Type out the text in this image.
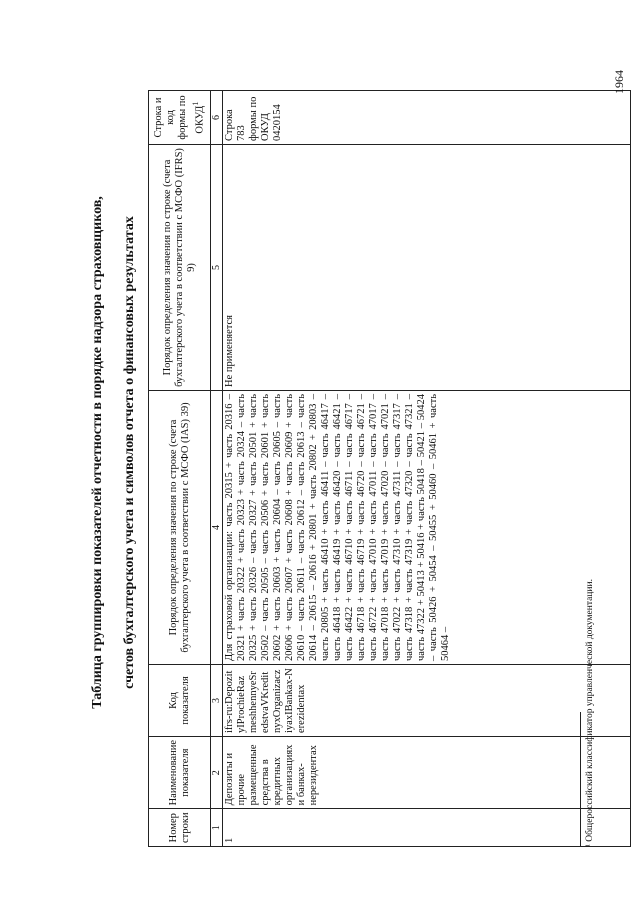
Таблица группировки показателей отчетности в порядке надзора страховщиков, счетов бухгалтерского учета и символов отчета о финансовых результатах
Номер строки	Наименование показателя	Код показателя	Порядок определения значения по строке (счета бухгалтерского учета в соответствии с МСФО (IAS) 39)	Порядок определения значения по строке (счета бухгалтерского учета в соответствии с МСФО (IFRS) 9)	Строка и код формы по ОКУД$^1$
1	2	3	4	5	6
1	Депозиты и прочие размещенные средства в кредитных организациях и банках-нерезидентах	ifrs-ru:DepozityIProchieRazmeshhennyeSredstvaVKreditnyxOrganizacziyaxIBankax-Nerezidentax	Для страховой организации: часть 20315 + часть 20316 – 20321 + часть 20322 + часть 20323 + часть 20324 – часть 20325 + часть 20326 – часть 20327 + часть 20501 + часть 20502 – часть 20505 – часть 20506 + часть 20601 + часть 20602 + часть 20603 + часть 20604 – часть 20605 – часть 20606 + часть 20607 + часть 20608 + часть 20609 + часть 20610 – часть 20611 – часть 20612 – часть 20613 – часть 20614 – 20615 – 20616 + 20801 + часть 20802 + 20803 – часть 20805 + часть 46410 + часть 46411 – часть 46417 – часть 46418 + часть 46419 + часть 46420 – часть 46421 – часть 46422 + часть 46710 + часть 46711 – часть 46717 – часть 46718 + часть 46719 + часть 46720 – часть 46721 – часть 46722 + часть 47010 + часть 47011 – часть 47017 – часть 47018 + часть 47019 + часть 47020 – часть 47021 – часть 47022 + часть 47310 + часть 47311 – часть 47317 – часть 47318 + часть 47319 + часть 47320 – часть 47321 – часть 47322 + 50413 + 50416 + часть 50418 – 50421 – 50424 – часть 50426 + 50454 – 50455 + 50460 – 50461 + часть 50464 –	Не применяется	Строка 783 формы по ОКУД 0420154
¹ Общероссийский классификатор управленческой документации.
1964
